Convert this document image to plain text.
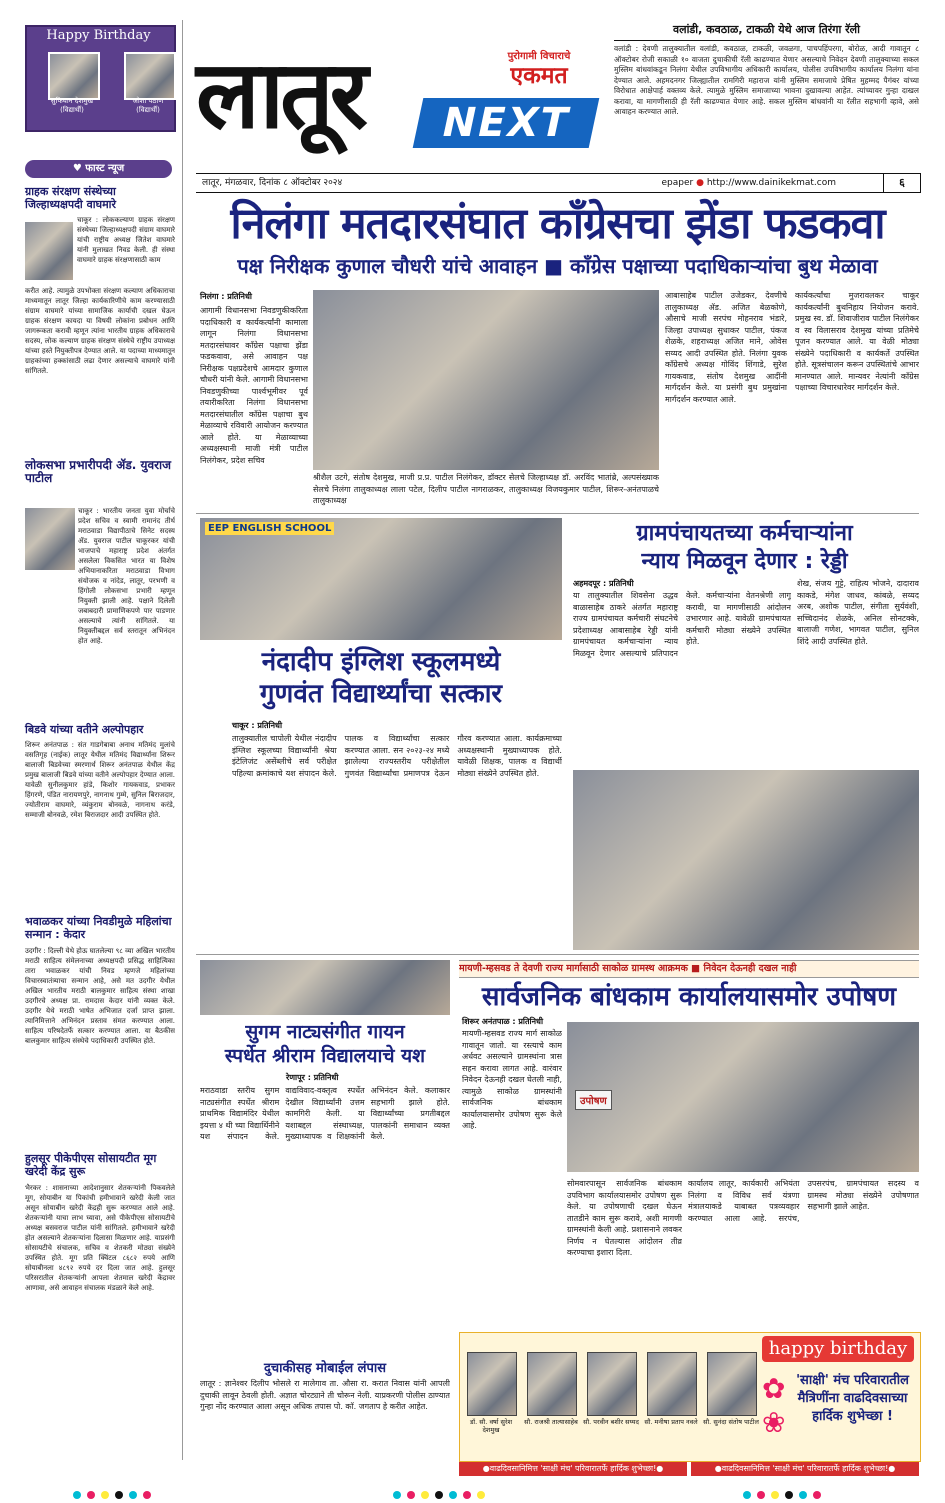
Happy Birthday
सुफियान देशमुख
(विद्यार्थी)
जोशा पठाण
(विद्यार्थी)
♥ फास्ट न्यूज
ग्राहक संरक्षण संस्थेच्या जिल्हाध्यक्षपदी वाघमारे
चाकूर : लोककल्याण ग्राहक संरक्षण संस्थेच्या जिल्हाध्यक्षपदी संग्राम वाघमारे यांची राष्ट्रीय अध्यक्ष जितेश वाघमारे यांनी मुलाखत निवड केली. ही संस्था वाघमारे ग्राहक संरक्षणासाठी काम
करीत आहे. त्यामुळे उपभोक्ता संरक्षण कल्याण अधिकाराचा माध्यमातून लातूर जिल्हा कार्यकारिणीचे काम करण्यासाठी संग्राम वाघमारे यांच्या सामाजिक कार्याची दखल घेऊन ग्राहक संरक्षण कायदा या विषयी लोकांना प्रबोधन आणि जागरूकता करावी म्हणून त्यांना भारतीय ग्राहक अधिकाराचे सदस्य, लोक कल्याण ग्राहक संरक्षण संस्थेचे राष्ट्रीय उपाध्यक्ष यांच्या हस्ते नियुक्तीपत्र देण्यात आले. या पदाच्या माध्यमातून ग्राहकांच्या हक्कांसाठी लढा देणार असल्याचे वाघमारे यांनी सांगितले.
लोकसभा प्रभारीपदी ॲड. युवराज पाटील
चाकूर : भारतीय जनता युवा मोर्चाचे प्रदेश सचिव व स्वामी रामानंद तीर्थ मराठवाडा विद्यापीठाचे सिनेट सदस्य ॲड. युवराज पाटील चाकूरकर यांची भाजपाचे महाराष्ट्र प्रदेश अंतर्गत असलेला विकसित भारत या विशेष अभियानाकरिता मराठवाडा विभाग संयोजक व नांदेड, लातूर, परभणी व हिंगोली लोकसभा प्रभारी म्हणून नियुक्ती झाली आहे. पक्षाने दिलेली जबाबदारी प्रामाणिकपणे पार पाडणार असल्याचे त्यांनी सांगितले. या नियुक्तीबद्दल सर्व स्तरातून अभिनंदन होत आहे.
बिडवे यांच्या वतीने अल्पोपहार
शिरूर अनंतपाळ : संत गाडगेबाबा अनाथ मतिमंद मुलांचे वसतिगृह (नाईक) लातूर येथील मतिमंद विद्यार्थ्यांना शिरूर बालाजी बिडवेच्या स्मरणार्थ शिरूर अनंतपाळ येथील केंद्र प्रमुख बालाजी बिडवे यांच्या वतीने अल्पोपहार देण्यात आला. यावेळी सुनीलकुमार हांडे, किशोर गायकवाड, प्रभाकर हिंगरणे, पंडित नारायणपुरे, नागनाथ गुम्मे, सुनिल बिराजदार, ज्योतीराम वाघमारे, व्यंकुराम बोनवळे, नागनाथ करंडे, सम्माजी बोनवळे, रमेश बिराजदार आदी उपस्थित होते.
भवाळकर यांच्या निवडीमुळे महिलांचा सन्मान : केदार
उदगीर : दिल्ली येथे होऊ घातलेल्या ९८ व्या अखिल भारतीय मराठी साहित्य संमेलनाच्या अध्यक्षपदी प्रसिद्ध साहित्यिका तारा भवाळकर यांची निवड म्हणजे महिलांच्या विचारस्वातंत्र्याचा सन्मान आहे, असे मत उदगीर येथील अखिल भारतीय मराठी बालकुमार साहित्य संस्था शाखा उदगीरचे अध्यक्ष प्रा. रामदास केदार यांनी व्यक्त केले. उदगीर येथे मराठी भाषेत अभिजात दर्जा प्राप्त झाला. त्यानिमित्ताने अभिनंदन प्रस्ताव संमत करण्यात आला. साहित्य परिषदेतर्फे सत्कार करण्यात आला. या बैठकीस बालकुमार साहित्य संस्थेचे पदाधिकारी उपस्थित होते.
हुलसूर पीकेपीएस सोसायटीत मूग खरेदी केंद्र सुरू
भैरकर : शासनाच्या आदेशानुसार शेतकऱ्यांनी पिकवलेले मूग, सोयाबीन या पिकांची हमीभावाने खरेदी केली जात असून सोयाबीन खरेदी केंद्रही सुरू करण्यात आले आहे. शेतकऱ्यांनी याचा लाभ घ्यावा, असे पीकेपीएस सोसायटीचे अध्यक्ष बसवराज पाटील यांनी सांगितले. हमीभावाने खरेदी होत असल्याने शेतकऱ्यांना दिलासा मिळणार आहे. याप्रसंगी सोसायटीचे संचालक, सचिव व शेतकरी मोठ्या संख्येने उपस्थित होते. मूग प्रति क्विंटल ८६८२ रुपये आणि सोयाबीनला ४८९२ रुपये दर दिला जात आहे. हुलसूर परिसरातील शेतकऱ्यांनी आपला शेतमाल खरेदी केंद्रावर आणावा, असे आवाहन संचालक मंडळाने केले आहे.
लातूर	पुरोगामी विचाराचे
एकमत
NEXT
लातूर, मंगळवार, दिनांक ८ ऑक्टोबर २०२४	epaper ● http://www.dainikekmat.com	६
वलांडी, कवठाळ, टाकळी येथे आज तिरंगा रॅली
वलांडी : देवणी तालुक्यातील वलांडी, कवठाळ, टाकळी, जवळगा, पाचपहिंपरगा, बोरोळ, आदी गावातून ८ ऑक्टोबर रोजी सकाळी १० वाजता दुचाकीची रॅली काढण्यात येणार असल्याचे निवेदन देवणी तालुक्याच्या सकल मुस्लिम बांधवांकडून निलंगा येथील उपविभागीय अधिकारी कार्यालय, पोलीस उपविभागीय कार्यालय निलंगा यांना देण्यात आले. अहमदनगर जिल्ह्यातील रामगिरी महाराज यांनी मुस्लिम समाजाचे प्रेषित मुहम्मद पैगंबर यांच्या विरोधात आक्षेपार्ह वक्तव्य केले. त्यामुळे मुस्लिम समाजाच्या भावना दुखावल्या आहेत. त्यांच्यावर गुन्हा दाखल करावा, या मागणीसाठी ही रॅली काढण्यात येणार आहे. सकल मुस्लिम बांधवांनी या रॅलीत सहभागी व्हावे, असे आवाहन करण्यात आले.
निलंगा मतदारसंघात काँग्रेसचा झेंडा फडकवा
पक्ष निरीक्षक कुणाल चौधरी यांचे आवाहन ■ काँग्रेस पक्षाच्या पदाधिकाऱ्यांचा बुथ मेळावा
निलंगा : प्रतिनिधी
आगामी विधानसभा निवडणुकीकरिता पदाधिकारी व कार्यकर्त्यांनी कामाला लागून निलंगा विधानसभा मतदारसंघावर काँग्रेस पक्षाचा झेंडा फडकवावा, असे आवाहन पक्ष निरीक्षक पक्षप्रदेशचे आमदार कुणाल चौधरी यांनी केले. आगामी विधानसभा निवडणुकीच्या पार्श्वभूमीवर पूर्व तयारीकरिता निलंगा विधानसभा मतदारसंघातील काँग्रेस पक्षाचा बुथ मेळाव्याचे रविवारी आयोजन करण्यात आले होते. या मेळाव्याच्या अध्यक्षस्थानी माजी मंत्री पाटील निलंगेकर, प्रदेश सचिव
श्रीशैल उटगे, संतोष देशमुख, माजी प्र.प्र. पाटील निलंगेकर, डॉक्टर सेलचे जिल्हाध्यक्ष डॉ. अरविंद भातांब्रे, अल्पसंख्याक सेलचे निलंगा तालुकाध्यक्ष लाला पटेल, दिलीप पाटील नागराळकर, तालुकाध्यक्ष विजयकुमार पाटील, शिरूर-अनंतपाळचे तालुकाध्यक्ष
आबासाहेब पाटील उजेडकर, देवणीचे तालुकाध्यक्ष ॲड. अजित बेळकोणे, औसाचे माजी सरपंच मोहनराव भंडारे, जिल्हा उपाध्यक्ष सुधाकर पाटील, पंकज शेळके, शहराध्यक्ष अजित माने, ओवेस सय्यद आदी उपस्थित होते. निलंगा युवक काँग्रेसचे अध्यक्ष गोविंद शिंगाडे, सुरेश गायकवाड, संतोष देशमुख आदींनी मार्गदर्शन केले. या प्रसंगी बुथ प्रमुखांना मार्गदर्शन करण्यात आले.
कार्यकर्त्यांचा मुजरावलकर चाकूर कार्यकर्त्यांनी बुथनिहाय नियोजन करावे. प्रमुख स्व. डॉ. शिवाजीराव पाटील निलंगेकर व स्व विलासराव देशमुख यांच्या प्रतिमेचे पूजन करण्यात आले. या वेळी मोठ्या संख्येने पदाधिकारी व कार्यकर्ते उपस्थित होते. सूत्रसंचालन करून उपस्थितांचे आभार मानण्यात आले. मान्यवर नेत्यांनी काँग्रेस पक्षाच्या विचारधारेवर मार्गदर्शन केले.
EEP ENGLISH SCHOOL
नंदादीप इंग्लिश स्कूलमध्ये
गुणवंत विद्यार्थ्यांचा सत्कार
चाकूर : प्रतिनिधी
तालुक्यातील चापोली येथील नंदादीप इंग्लिश स्कूलच्या विद्यार्थ्यांनी श्रेया इंटेलिजंट असेंब्लीचे सर्व परीक्षेत पहिल्या क्रमांकाचे यश संपादन केले. पालक व विद्यार्थ्यांचा सत्कार करण्यात आला. सन २०२३-२४ मध्ये झालेल्या राज्यस्तरीय परीक्षेतील गुणवंत विद्यार्थ्यांचा प्रमाणपत्र देऊन गौरव करण्यात आला. कार्यक्रमाच्या अध्यक्षस्थानी मुख्याध्यापक होते. यावेळी शिक्षक, पालक व विद्यार्थी मोठ्या संख्येने उपस्थित होते.
ग्रामपंचायतच्या कर्मचाऱ्यांना
न्याय मिळवून देणार : रेड्डी
अहमदपूर : प्रतिनिधी
या तालुक्यातील शिवसेना उद्धव बाळासाहेब ठाकरे अंतर्गत महाराष्ट्र राज्य ग्रामपंचायत कर्मचारी संघटनेचे प्रदेशाध्यक्ष आबासाहेब रेड्डी यांनी ग्रामपंचायत कर्मचाऱ्यांना न्याय मिळवून देणार असल्याचे प्रतिपादन केले. कर्मचाऱ्यांना वेतनश्रेणी लागू करावी, या मागणीसाठी आंदोलन उभारणार आहे. यावेळी ग्रामपंचायत कर्मचारी मोठ्या संख्येने उपस्थित होते.
शेख, संजय गुट्टे, राहित्य भोजने, दादाराव काकडे, मंगेश जाधव, कांबळे, सय्यद अरब, अशोक पाटील, संगीता सुर्यवंशी, सच्चिदानंद शेळके, अनिल सोनटक्के, बालाजी गणेश, भागवत पाटील, सुनिल शिंदे आदी उपस्थित होते.
सुगम नाट्यसंगीत गायन
स्पर्धेत श्रीराम विद्यालयाचे यश
रेणापूर : प्रतिनिधी
मराठवाडा स्तरीय सुगम नाट्यसंगीत स्पर्धेत श्रीराम प्राथमिक विद्यामंदिर येथील इयत्ता ४ थी च्या विद्यार्थिनीने यश संपादन केले. वाद्यविवाद-वक्तृत्व स्पर्धेत देखील विद्यार्थ्यांनी उत्तम कामगिरी केली. या यशाबद्दल संस्थाध्यक्ष, मुख्याध्यापक व शिक्षकांनी अभिनंदन केले. कलाकार सहभागी झाले होते. विद्यार्थ्यांच्या प्रगतीबद्दल पालकांनी समाधान व्यक्त केले.
दुचाकीसह मोबाईल लंपास
लातूर : ज्ञानेश्वर दिलीप भोसले रा मालेगाव ता. औसा रा. करात निवास यांनी आपली दुचाकी लावून ठेवली होती. अज्ञात चोरट्याने ती चोरून नेली. याप्रकरणी पोलीस ठाण्यात गुन्हा नोंद करण्यात आला असून अधिक तपास पो. कॉ. जगताप हे करीत आहेत.
मायणी-म्हसवड ते देवणी राज्य मार्गासाठी साकोळ ग्रामस्थ आक्रमक ■ निवेदन देऊनही दखल नाही
सार्वजनिक बांधकाम कार्यालयासमोर उपोषण
शिरूर अनंतपाळ : प्रतिनिधी
मायणी-म्हसवड राज्य मार्ग साकोळ गावातून जातो. या रस्त्याचे काम अर्धवट असल्याने ग्रामस्थांना त्रास सहन करावा लागत आहे. वारंवार निवेदन देऊनही दखल घेतली नाही, त्यामुळे साकोळ ग्रामस्थांनी सार्वजनिक बांधकाम कार्यालयासमोर उपोषण सुरू केले आहे.
उपोषण
सोमवारपासून सार्वजनिक बांधकाम उपविभाग कार्यालयासमोर उपोषण सुरू केले. या उपोषणाची दखल घेऊन तातडीने काम सुरू करावे, अशी मागणी ग्रामस्थांनी केली आहे. प्रशासनाने लवकर निर्णय न घेतल्यास आंदोलन तीव्र करण्याचा इशारा दिला.
कार्यालय लातूर, कार्यकारी अभियंता निलंगा व विविध सर्व यंत्रणा मंत्रालयाकडे याबाबत पत्रव्यवहार करण्यात आला आहे. सरपंच, उपसरपंच, ग्रामपंचायत सदस्य व ग्रामस्थ मोठ्या संख्येने उपोषणात सहभागी झाले आहेत.
happy birthday
डॉ. सौ. वर्षा सुरेश देशमुख
सौ. राजश्री तात्यासाहेब सौ. परवीन बशीर सय्यद सौ. मनीषा प्रताप नवले सौ. सुनंदा संतोष पाटील
✿
❀
'साक्षी' मंच परिवारातील मैत्रिणींना वाढदिवसाच्या हार्दिक शुभेच्छा !
●वाढदिवसानिमित्त 'साक्षी मंच' परिवारातर्फे हार्दिक शुभेच्छा!●	●वाढदिवसानिमित्त 'साक्षी मंच' परिवारातर्फे हार्दिक शुभेच्छा!●
